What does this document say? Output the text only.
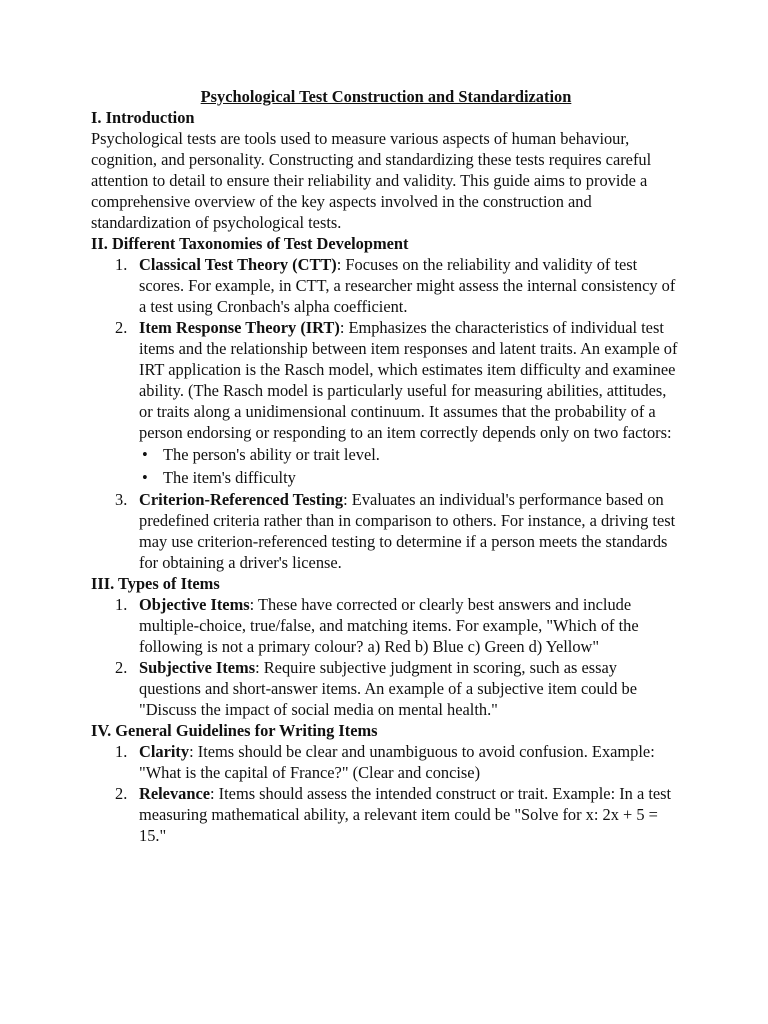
Psychological Test Construction and Standardization

I. Introduction

Psychological tests are tools used to measure various aspects of human behaviour, cognition, and personality. Constructing and standardizing these tests requires careful attention to detail to ensure their reliability and validity. This guide aims to provide a comprehensive overview of the key aspects involved in the construction and standardization of psychological tests.

II. Different Taxonomies of Test Development

1. Classical Test Theory (CTT): Focuses on the reliability and validity of test scores. For example, in CTT, a researcher might assess the internal consistency of a test using Cronbach's alpha coefficient.
2. Item Response Theory (IRT): Emphasizes the characteristics of individual test items and the relationship between item responses and latent traits. An example of IRT application is the Rasch model, which estimates item difficulty and examinee ability. (The Rasch model is particularly useful for measuring abilities, attitudes, or traits along a unidimensional continuum. It assumes that the probability of a person endorsing or responding to an item correctly depends only on two factors:
• The person's ability or trait level.
• The item's difficulty
3. Criterion-Referenced Testing: Evaluates an individual's performance based on predefined criteria rather than in comparison to others. For instance, a driving test may use criterion-referenced testing to determine if a person meets the standards for obtaining a driver's license.

III. Types of Items

1. Objective Items: These have corrected or clearly best answers and include multiple-choice, true/false, and matching items. For example, "Which of the following is not a primary colour? a) Red b) Blue c) Green d) Yellow"
2. Subjective Items: Require subjective judgment in scoring, such as essay questions and short-answer items. An example of a subjective item could be "Discuss the impact of social media on mental health."

IV. General Guidelines for Writing Items

1. Clarity: Items should be clear and unambiguous to avoid confusion. Example: "What is the capital of France?" (Clear and concise)
2. Relevance: Items should assess the intended construct or trait. Example: In a test measuring mathematical ability, a relevant item could be "Solve for x: 2x + 5 = 15."
